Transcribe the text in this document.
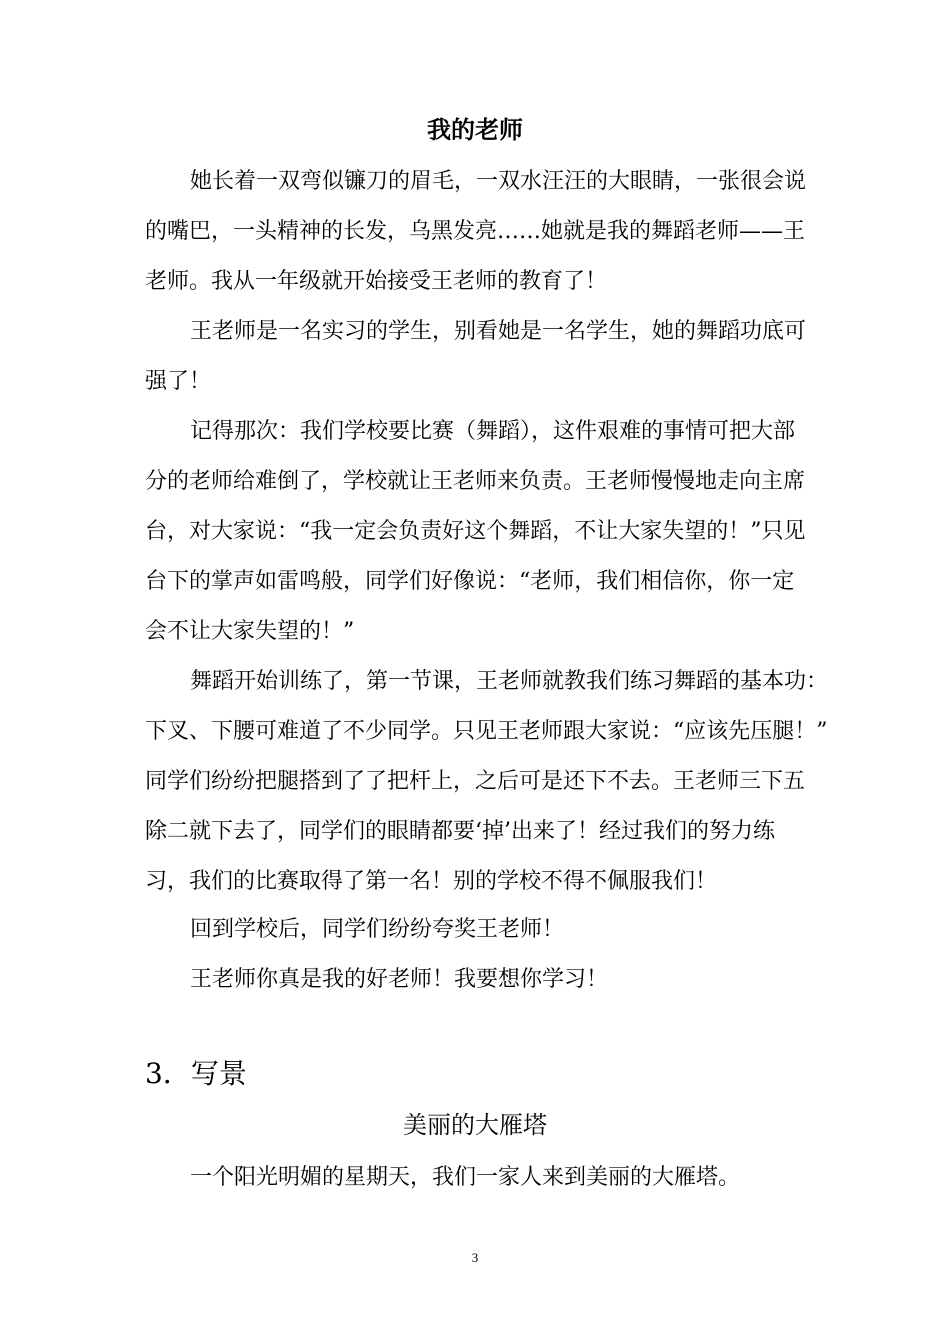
我的老师
她长着一双弯似镰刀的眉毛，一双水汪汪的大眼睛，一张很会说
的嘴巴，一头精神的长发，乌黑发亮……她就是我的舞蹈老师——王
老师。我从一年级就开始接受王老师的教育了！
王老师是一名实习的学生，别看她是一名学生，她的舞蹈功底可
强了！
记得那次：我们学校要比赛（舞蹈），这件艰难的事情可把大部
分的老师给难倒了，学校就让王老师来负责。王老师慢慢地走向主席
台，对大家说：“我一定会负责好这个舞蹈，不让大家失望的！”只见
台下的掌声如雷鸣般，同学们好像说：“老师，我们相信你，你一定
会不让大家失望的！”
舞蹈开始训练了，第一节课，王老师就教我们练习舞蹈的基本功：
下叉、下腰可难道了不少同学。只见王老师跟大家说：“应该先压腿！”
同学们纷纷把腿搭到了了把杆上，之后可是还下不去。王老师三下五
除二就下去了，同学们的眼睛都要‘掉’出来了！经过我们的努力练
习，我们的比赛取得了第一名！别的学校不得不佩服我们！
回到学校后，同学们纷纷夸奖王老师！
王老师你真是我的好老师！我要想你学习！
3．写景
美丽的大雁塔
一个阳光明媚的星期天，我们一家人来到美丽的大雁塔。
3
